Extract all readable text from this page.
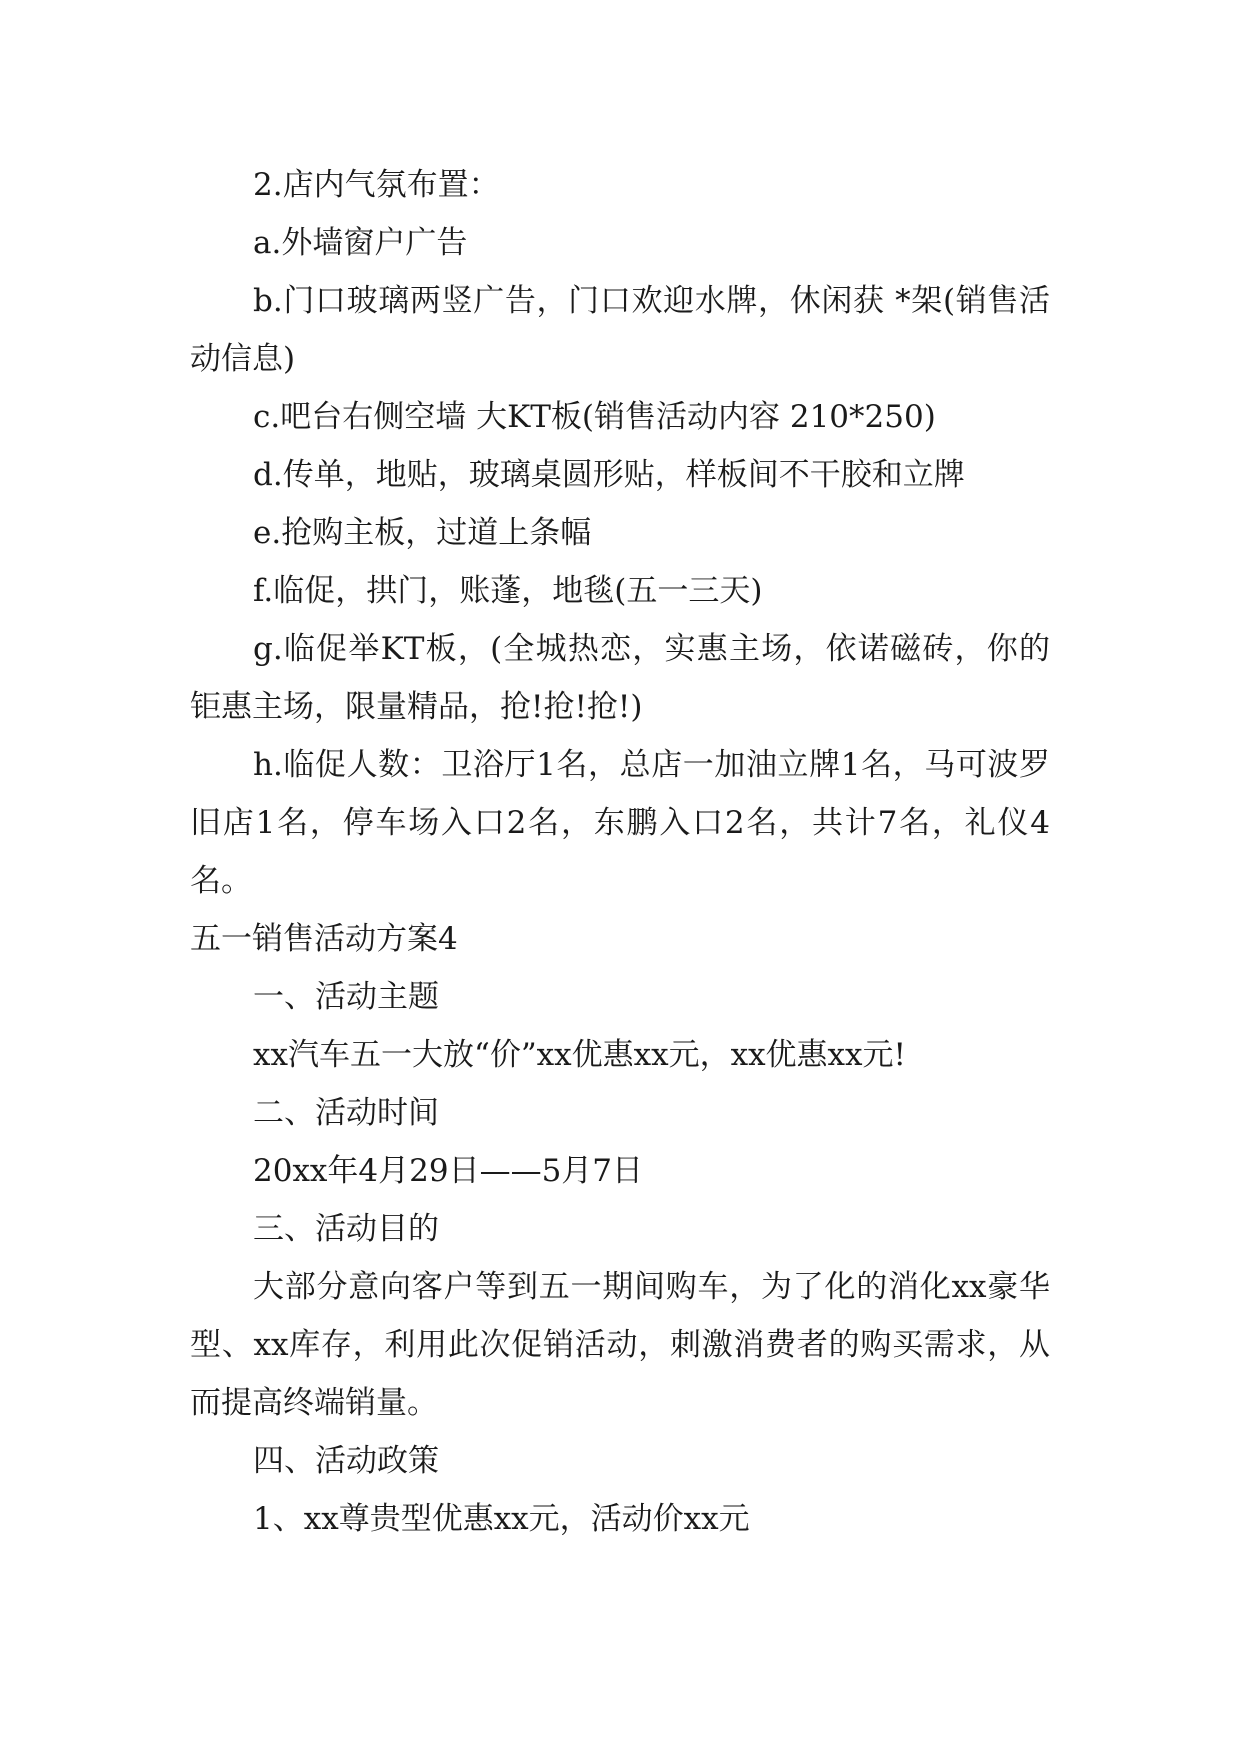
2.店内气氛布置：

a.外墙窗户广告

b.门口玻璃两竖广告，门口欢迎水牌，休闲获 *架(销售活动信息)

c.吧台右侧空墙 大KT板(销售活动内容 210*250)

d.传单，地贴，玻璃桌圆形贴，样板间不干胶和立牌

e.抢购主板，过道上条幅

f.临促，拱门，账蓬，地毯(五一三天)

g.临促举KT板，(全城热恋，实惠主场，依诺磁砖，你的钜惠主场，限量精品，抢!抢!抢!)

h.临促人数：卫浴厅1名，总店一加油立牌1名，马可波罗旧店1名，停车场入口2名，东鹏入口2名，共计7名，礼仪4名。

五一销售活动方案4

一、活动主题

xx汽车五一大放“价”xx优惠xx元，xx优惠xx元!

二、活动时间

20xx年4月29日——5月7日

三、活动目的

大部分意向客户等到五一期间购车，为了化的消化xx豪华型、xx库存，利用此次促销活动，刺激消费者的购买需求，从而提高终端销量。

四、活动政策

1、xx尊贵型优惠xx元，活动价xx元
